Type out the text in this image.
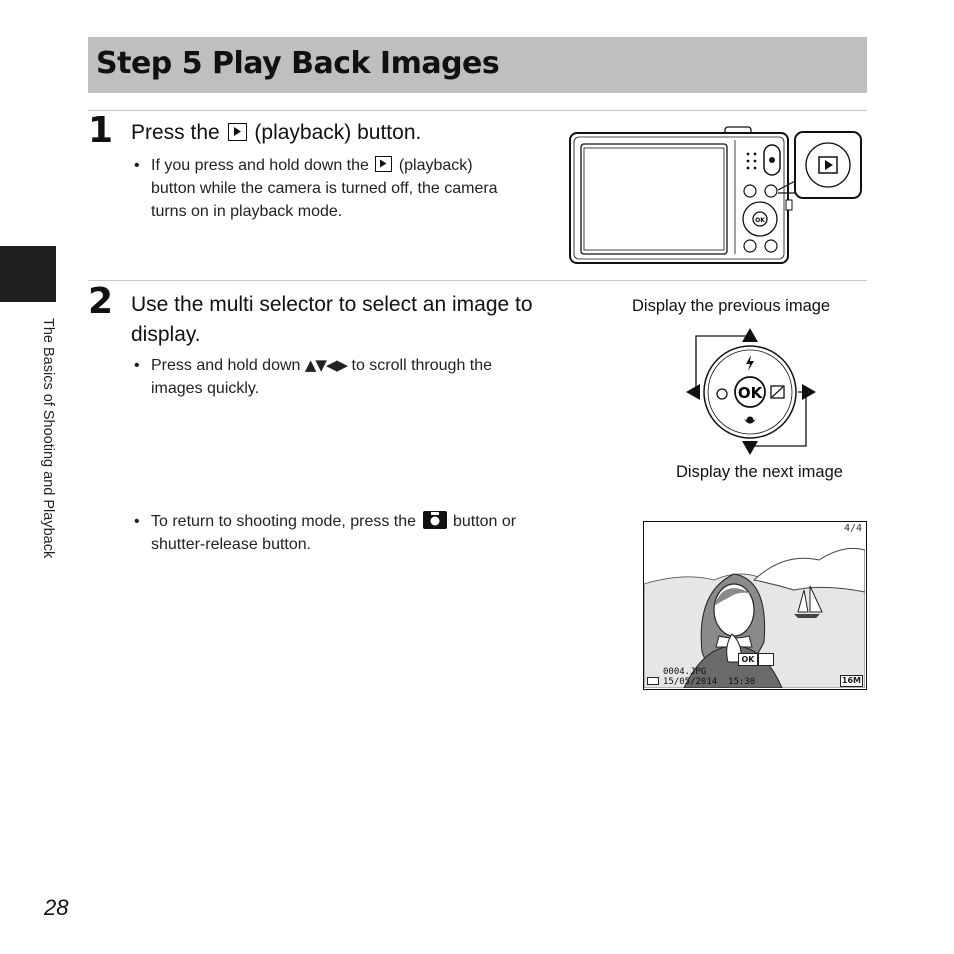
Step 5 Play Back Images
The Basics of Shooting and Playback
1 Press the (playback) button.
• If you press and hold down the (playback)
button while the camera is turned off, the camera
turns on in playback mode.
OK
2 Use the multi selector to select an image to
display.
• Press and hold down ▲▼◀▶ to scroll through the
images quickly.
Display the previous image
OK
Display the next image
• To return to shooting mode, press the button or
shutter-release button.
4/4
OK
0004.JPG
15/05/2014  15:30	16M
28
